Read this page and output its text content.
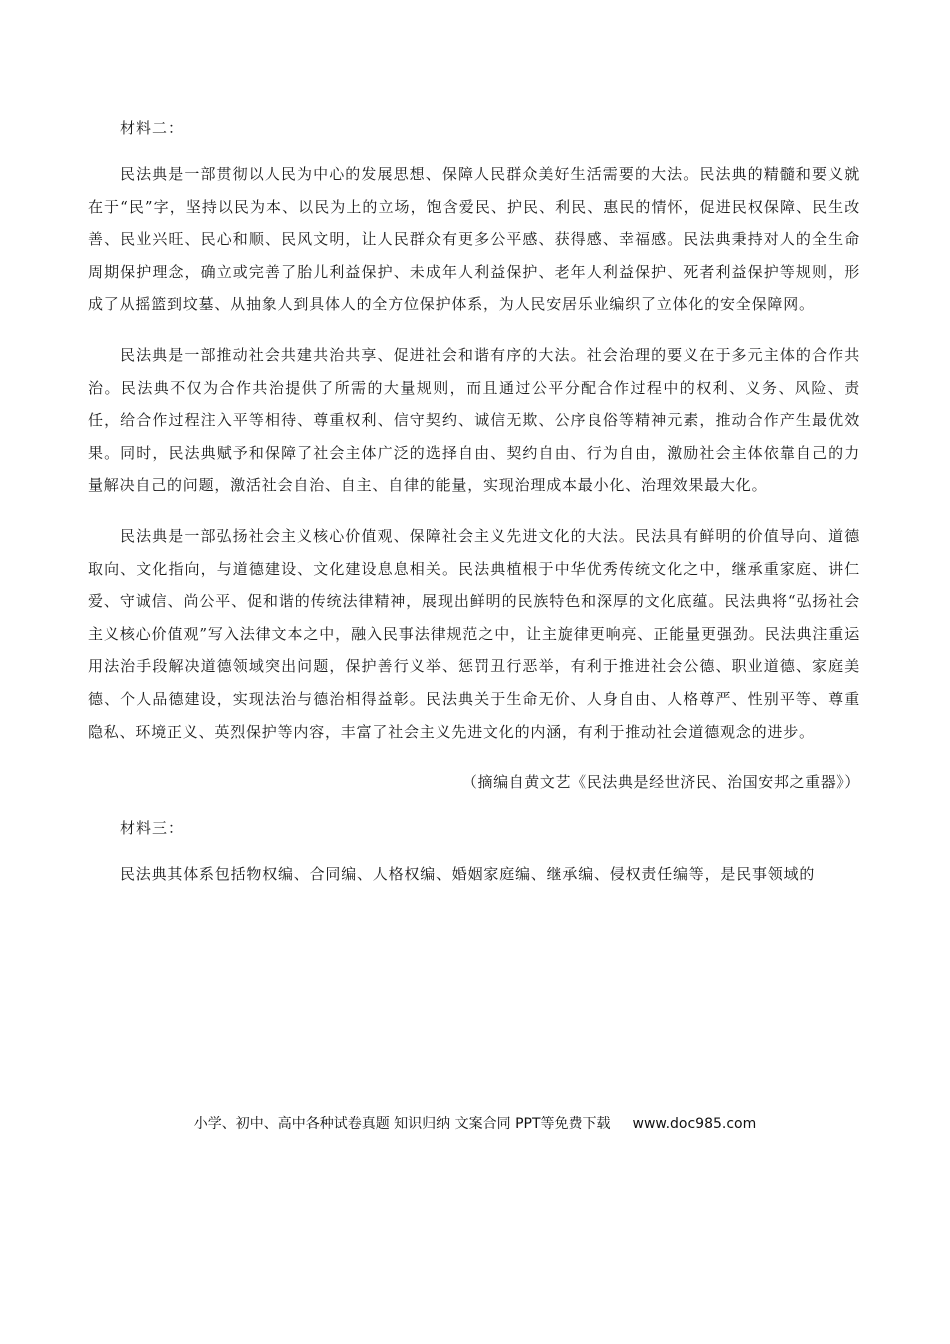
材料二：

民法典是一部贯彻以人民为中心的发展思想、保障人民群众美好生活需要的大法。民法典的精髓和要义就在于“民”字，坚持以民为本、以民为上的立场，饱含爱民、护民、利民、惠民的情怀，促进民权保障、民生改善、民业兴旺、民心和顺、民风文明，让人民群众有更多公平感、获得感、幸福感。民法典秉持对人的全生命周期保护理念，确立或完善了胎儿利益保护、未成年人利益保护、老年人利益保护、死者利益保护等规则，形成了从摇篮到坟墓、从抽象人到具体人的全方位保护体系，为人民安居乐业编织了立体化的安全保障网。

民法典是一部推动社会共建共治共享、促进社会和谐有序的大法。社会治理的要义在于多元主体的合作共治。民法典不仅为合作共治提供了所需的大量规则，而且通过公平分配合作过程中的权利、义务、风险、责任，给合作过程注入平等相待、尊重权利、信守契约、诚信无欺、公序良俗等精神元素，推动合作产生最优效果。同时，民法典赋予和保障了社会主体广泛的选择自由、契约自由、行为自由，激励社会主体依靠自己的力量解决自己的问题，激活社会自治、自主、自律的能量，实现治理成本最小化、治理效果最大化。

民法典是一部弘扬社会主义核心价值观、保障社会主义先进文化的大法。民法具有鲜明的价值导向、道德取向、文化指向，与道德建设、文化建设息息相关。民法典植根于中华优秀传统文化之中，继承重家庭、讲仁爱、守诚信、尚公平、促和谐的传统法律精神，展现出鲜明的民族特色和深厚的文化底蕴。民法典将“弘扬社会主义核心价值观”写入法律文本之中，融入民事法律规范之中，让主旋律更响亮、正能量更强劲。民法典注重运用法治手段解决道德领域突出问题，保护善行义举、惩罚丑行恶举，有利于推进社会公德、职业道德、家庭美德、个人品德建设，实现法治与德治相得益彰。民法典关于生命无价、人身自由、人格尊严、性别平等、尊重隐私、环境正义、英烈保护等内容，丰富了社会主义先进文化的内涵，有利于推动社会道德观念的进步。

（摘编自黄文艺《民法典是经世济民、治国安邦之重器》）

材料三：

民法典其体系包括物权编、合同编、人格权编、婚姻家庭编、继承编、侵权责任编等，是民事领域的

小学、初中、高中各种试卷真题 知识归纳 文案合同 PPT等免费下载 www.doc985.com
